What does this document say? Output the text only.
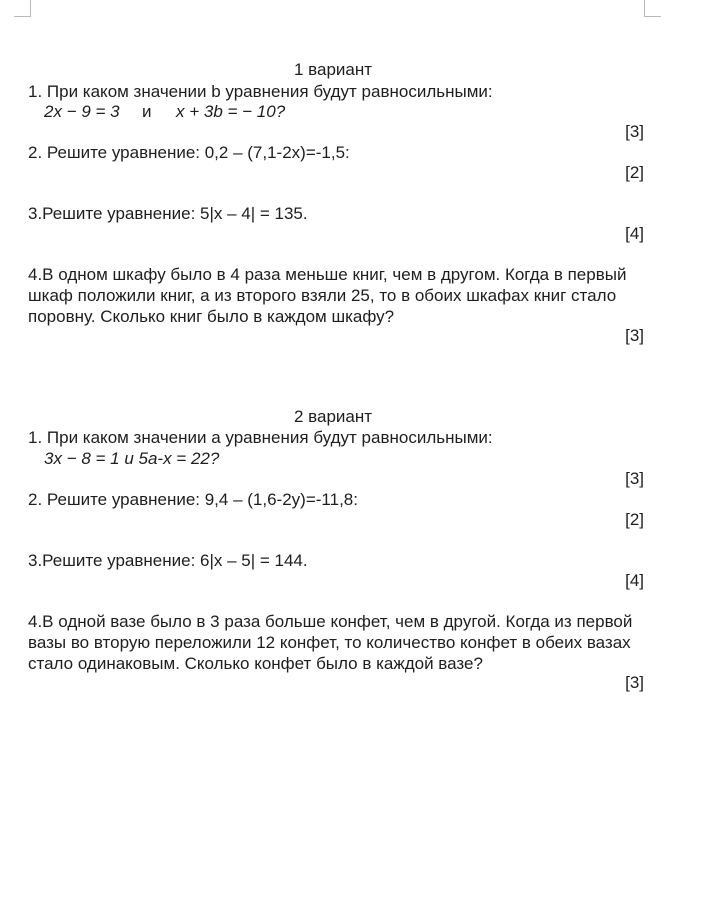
1 вариант
1. При каком значении b уравнения будут равносильными:
2x − 9 = 3 и x + 3b = − 10?
[3]
2. Решите уравнение: 0,2 – (7,1-2x)=-1,5:
[2]
3.Решите уравнение: 5|x – 4| = 135.
[4]
4.В одном шкафу было в 4 раза меньше книг, чем в другом. Когда в первый шкаф положили книг, а из второго взяли 25, то в обоих шкафах книг стало поровну. Сколько книг было в каждом шкафу?
[3]
2 вариант
1. При каком значении a уравнения будут равносильными:
3x − 8 = 1 и 5a-x = 22?
[3]
2. Решите уравнение: 9,4 – (1,6-2y)=-11,8:
[2]
3.Решите уравнение: 6|x – 5| = 144.
[4]
4.В одной вазе было в 3 раза больше конфет, чем в другой. Когда из первой вазы во вторую переложили 12 конфет, то количество конфет в обеих вазах стало одинаковым. Сколько конфет было в каждой вазе?
[3]
